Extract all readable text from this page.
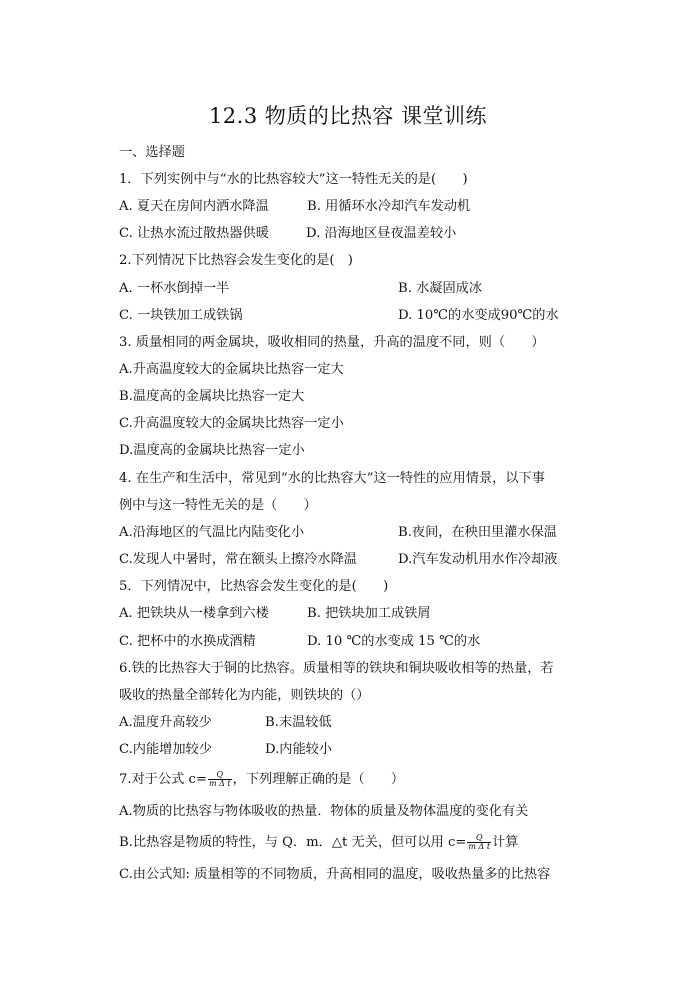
12.3 物质的比热容 课堂训练
一、选择题
1．下列实例中与“水的比热容较大”这一特性无关的是(　　)
A. 夏天在房间内洒水降温	B. 用循环水冷却汽车发动机
C. 让热水流过散热器供暖	D. 沿海地区昼夜温差较小
2.下列情况下比热容会发生变化的是(　)
A. 一杯水倒掉一半	B. 水凝固成冰
C. 一块铁加工成铁锅	D. 10℃的水变成90℃的水
3. 质量相同的两金属块，吸收相同的热量，升高的温度不同，则（　　）
A.升高温度较大的金属块比热容一定大
B.温度高的金属块比热容一定大
C.升高温度较大的金属块比热容一定小
D.温度高的金属块比热容一定小
4. 在生产和生活中，常见到“水的比热容大”这一特性的应用情景，以下事
例中与这一特性无关的是（　　）
A.沿海地区的气温比内陆变化小	B.夜间，在秧田里灌水保温
C.发现人中暑时，常在额头上擦冷水降温	D.汽车发动机用水作冷却液
5．下列情况中，比热容会发生变化的是(　　)
A. 把铁块从一楼拿到六楼	B. 把铁块加工成铁屑
C. 把杯中的水换成酒精	D. 10 ℃的水变成 15 ℃的水
6.铁的比热容大于铜的比热容。质量相等的铁块和铜块吸收相等的热量，若
吸收的热量全部转化为内能，则铁块的（）
A.温度升高较少	B.末温较低
C.内能增加较少	D.内能较小
7.对于公式 $c= \frac{Q}{\text{m Δ t}}$ ，下列理解正确的是（　　）
A.物质的比热容与物体吸收的热量．物体的质量及物体温度的变化有关
B.比热容是物质的特性，与 Q．m．△t 无关，但可以用 $c= \frac{Q}{\text{m Δ t}}$ 计算
C.由公式知: 质量相等的不同物质，升高相同的温度，吸收热量多的比热容
